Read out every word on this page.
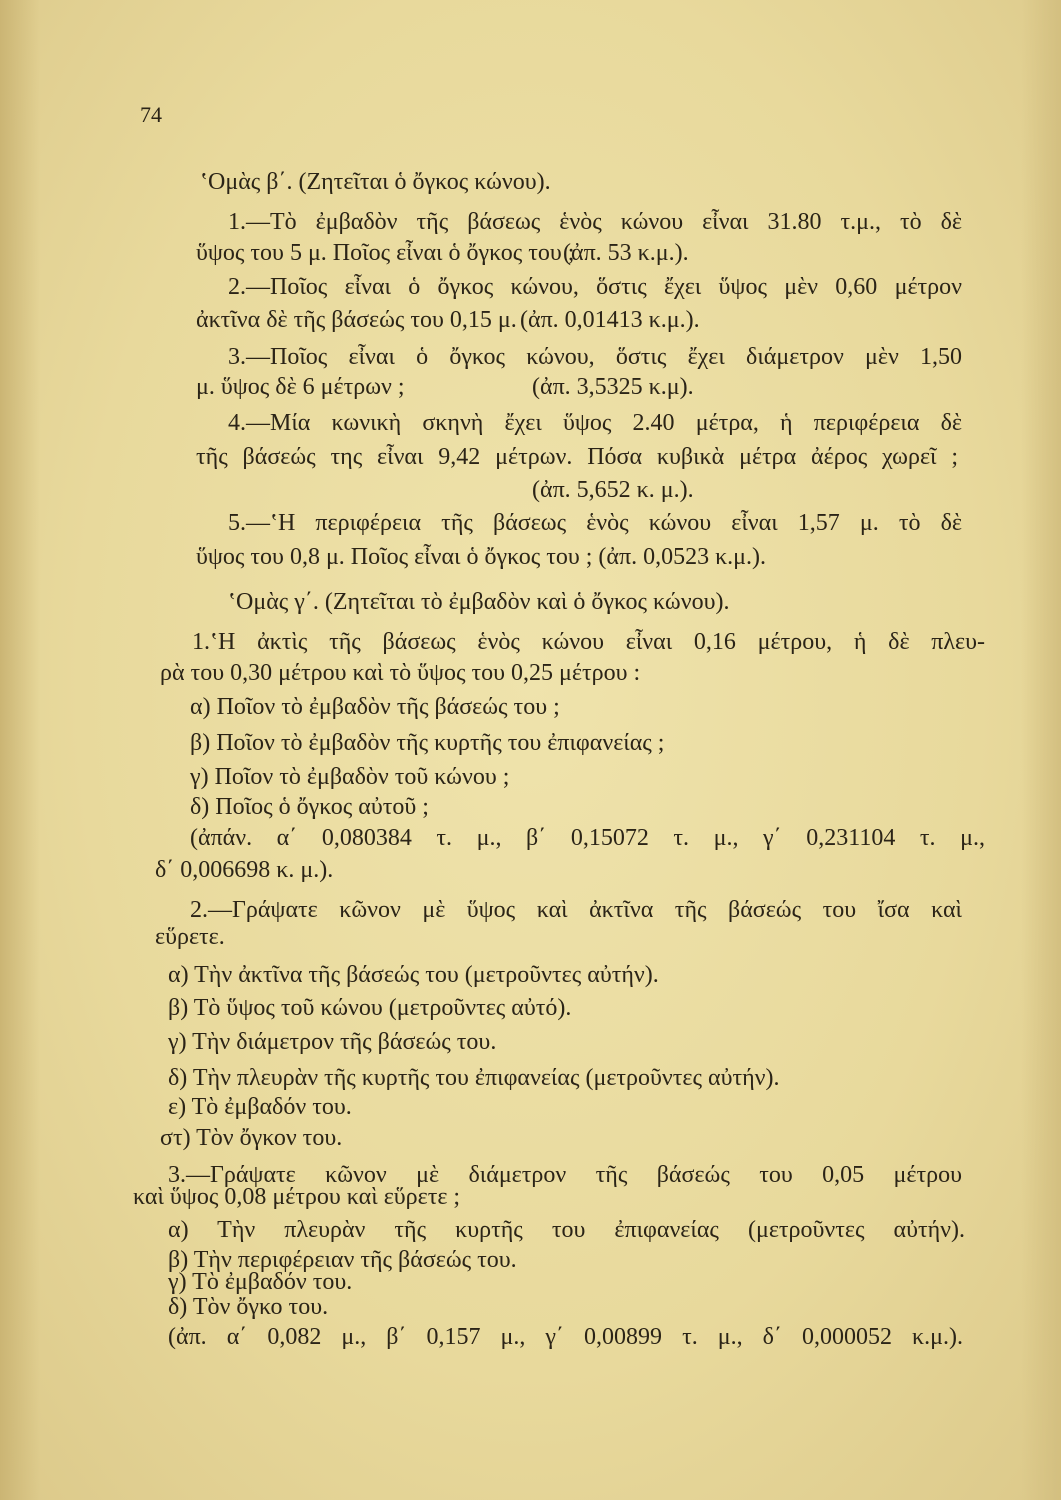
74
ʽΟμὰς β΄. (Ζητεῖται ὁ ὄγκος κώνου).
1.—Τὸ ἐμβαδὸν τῆς βάσεως ἑνὸς κώνου εἶναι 31.80 τ.μ., τὸ δὲ
ὕψος του 5 μ. Ποῖος εἶναι ὁ ὄγκος του ;
(ἀπ. 53 κ.μ.).
2.—Ποῖος εἶναι ὁ ὄγκος κώνου, ὅστις ἔχει ὕψος μὲν 0,60 μέτρον
ἀκτῖνα δὲ τῆς βάσεώς του 0,15 μ. (ἀπ. 0,01413 κ.μ.).
3.—Ποῖος εἶναι ὁ ὄγκος κώνου, ὅστις ἔχει διάμετρον μὲν 1,50
μ. ὕψος δὲ 6 μέτρων ;	(ἀπ. 3,5325 κ.μ).
4.—Μία κωνικὴ σκηνὴ ἔχει ὕψος 2.40 μέτρα, ἡ περιφέρεια δὲ
τῆς βάσεώς της εἶναι 9,42 μέτρων. Πόσα κυβικὰ μέτρα ἀέρος χωρεῖ ;
(ἀπ. 5,652 κ. μ.).
5.—ʽΗ περιφέρεια τῆς βάσεως ἑνὸς κώνου εἶναι 1,57 μ. τὸ δὲ
ὕψος του 0,8 μ. Ποῖος εἶναι ὁ ὄγκος του ; (ἀπ. 0,0523 κ.μ.).
ʽΟμὰς γ΄. (Ζητεῖται τὸ ἐμβαδὸν καὶ ὁ ὄγκος κώνου).
1.ʽΗ ἀκτὶς τῆς βάσεως ἑνὸς κώνου εἶναι 0,16 μέτρου, ἡ δὲ πλευ-
ρὰ του 0,30 μέτρου καὶ τὸ ὕψος του 0,25 μέτρου :
α) Ποῖον τὸ ἐμβαδὸν τῆς βάσεώς του ;
β) Ποῖον τὸ ἐμβαδὸν τῆς κυρτῆς του ἐπιφανείας ;
γ) Ποῖον τὸ ἐμβαδὸν τοῦ κώνου ;
δ) Ποῖος ὁ ὄγκος αὐτοῦ ;
(ἀπάν. α΄ 0,080384 τ. μ., β΄ 0,15072 τ. μ., γ΄ 0,231104 τ. μ.,
δ΄ 0,006698 κ. μ.).
2.—Γράψατε κῶνον μὲ ὕψος καὶ ἀκτῖνα τῆς βάσεώς του ἴσα καὶ
εὕρετε.
α) Τὴν ἀκτῖνα τῆς βάσεώς του (μετροῦντες αὐτήν).
β) Τὸ ὕψος τοῦ κώνου (μετροῦντες αὐτό).
γ) Τὴν διάμετρον τῆς βάσεώς του.
δ) Τὴν πλευρὰν τῆς κυρτῆς του ἐπιφανείας (μετροῦντες αὐτήν).
ε) Τὸ ἐμβαδόν του.
στ) Τὸν ὄγκον του.
3.—Γράψατε κῶνον μὲ διάμετρον τῆς βάσεώς του 0,05 μέτρου
καὶ ὕψος 0,08 μέτρου καὶ εὕρετε ;
α) Τὴν πλευρὰν τῆς κυρτῆς του ἐπιφανείας (μετροῦντες αὐτήν).
β) Τὴν περιφέρειαν τῆς βάσεώς του.
γ) Τὸ ἐμβαδόν του.
δ) Τὸν ὄγκο του.
(ἀπ. α΄ 0,082 μ., β΄ 0,157 μ., γ΄ 0,00899 τ. μ., δ΄ 0,000052 κ.μ.).
